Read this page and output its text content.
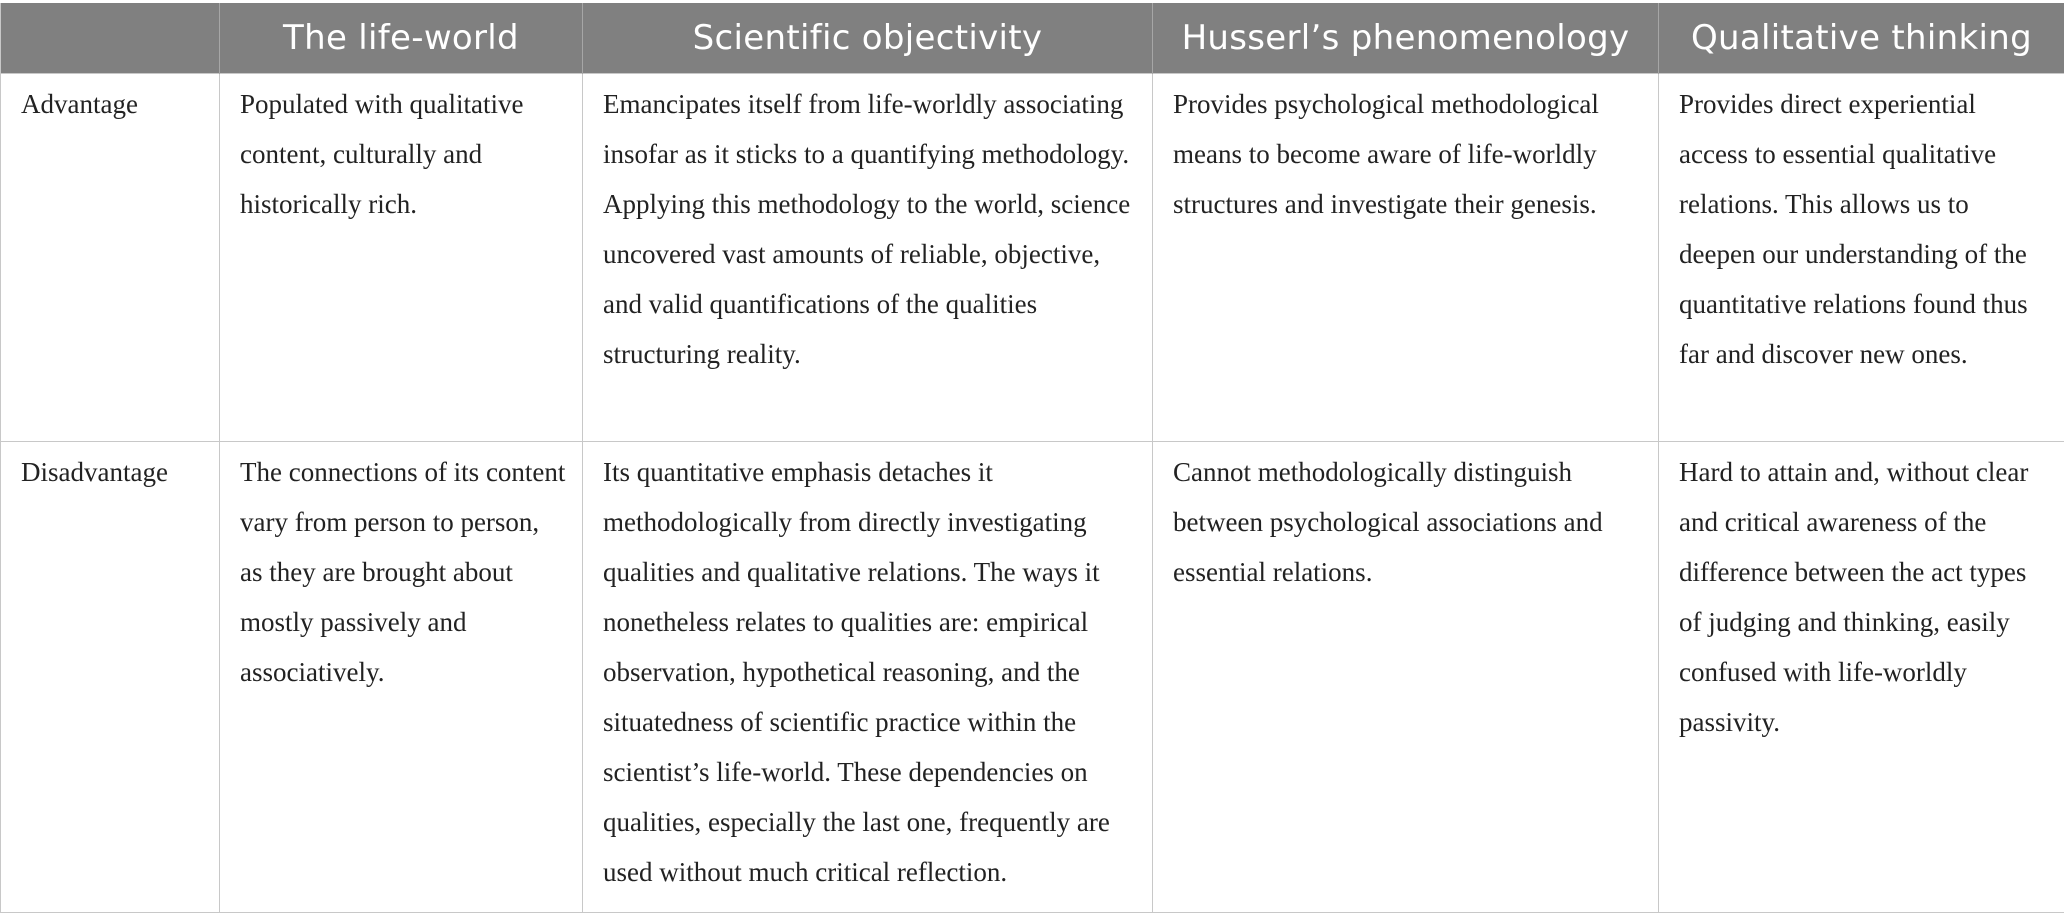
	The life-world	Scientific objectivity	Husserl’s phenomenology	Qualitative thinking
Advantage	Populated with qualitative content, culturally and historically rich.	Emancipates itself from life-worldly associating insofar as it sticks to a quantifying methodology. Applying this methodology to the world, science uncovered vast amounts of reliable, objective, and valid quantifications of the qualities structuring reality.	Provides psychological methodological means to become aware of life-worldly structures and investigate their genesis.	Provides direct experiential access to essential qualitative relations. This allows us to deepen our understanding of the quantitative relations found thus far and discover new ones.
Disadvantage	The connections of its content vary from person to person, as they are brought about mostly passively and associatively.	Its quantitative emphasis detaches it methodologically from directly investigating qualities and qualitative relations. The ways it nonetheless relates to qualities are: empirical observation, hypothetical reasoning, and the situatedness of scientific practice within the scientist’s life-world. These dependencies on qualities, especially the last one, frequently are used without much critical reflection.	Cannot methodologically distinguish between psychological associations and essential relations.	Hard to attain and, without clear and critical awareness of the difference between the act types of judging and thinking, easily confused with life-worldly passivity.
